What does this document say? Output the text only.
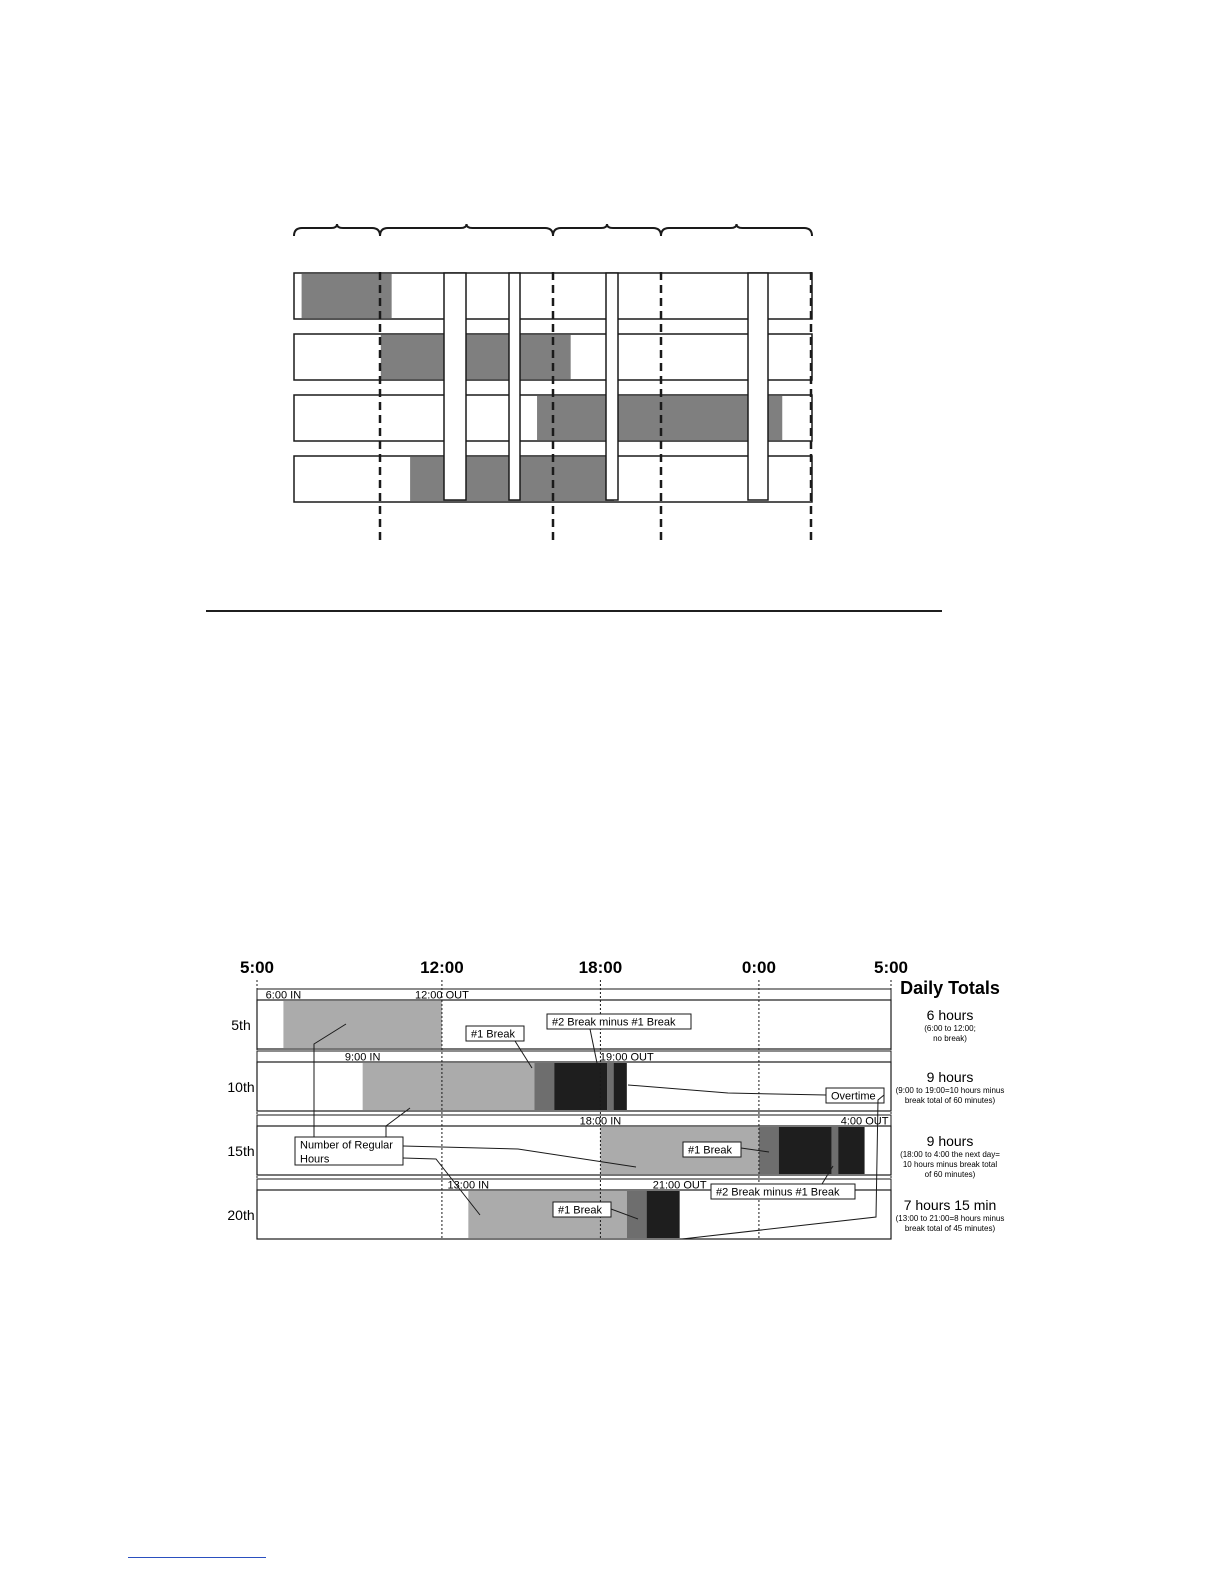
5:00	12:00	18:00	0:00	5:00
Daily Totals
5th
6:00 IN	12:00 OUT
6 hours
(6:00 to 12:00;
no break)
10th
9:00 IN	19:00 OUT
9 hours
(9:00 to 19:00=10 hours minus
break total of 60 minutes)
15th
18:00 IN	4:00 OUT
9 hours
(18:00 to 4:00 the next day=
10 hours minus break total
of 60 minutes)
20th
13:00 IN	21:00 OUT
7 hours 15 min
(13:00 to 21:00=8 hours minus
break total of 45 minutes)
#1 Break
#1 Break
#1 Break
#2 Break minus #1 Break
#2 Break minus #1 Break
Overtime
Number of Regular
Hours
